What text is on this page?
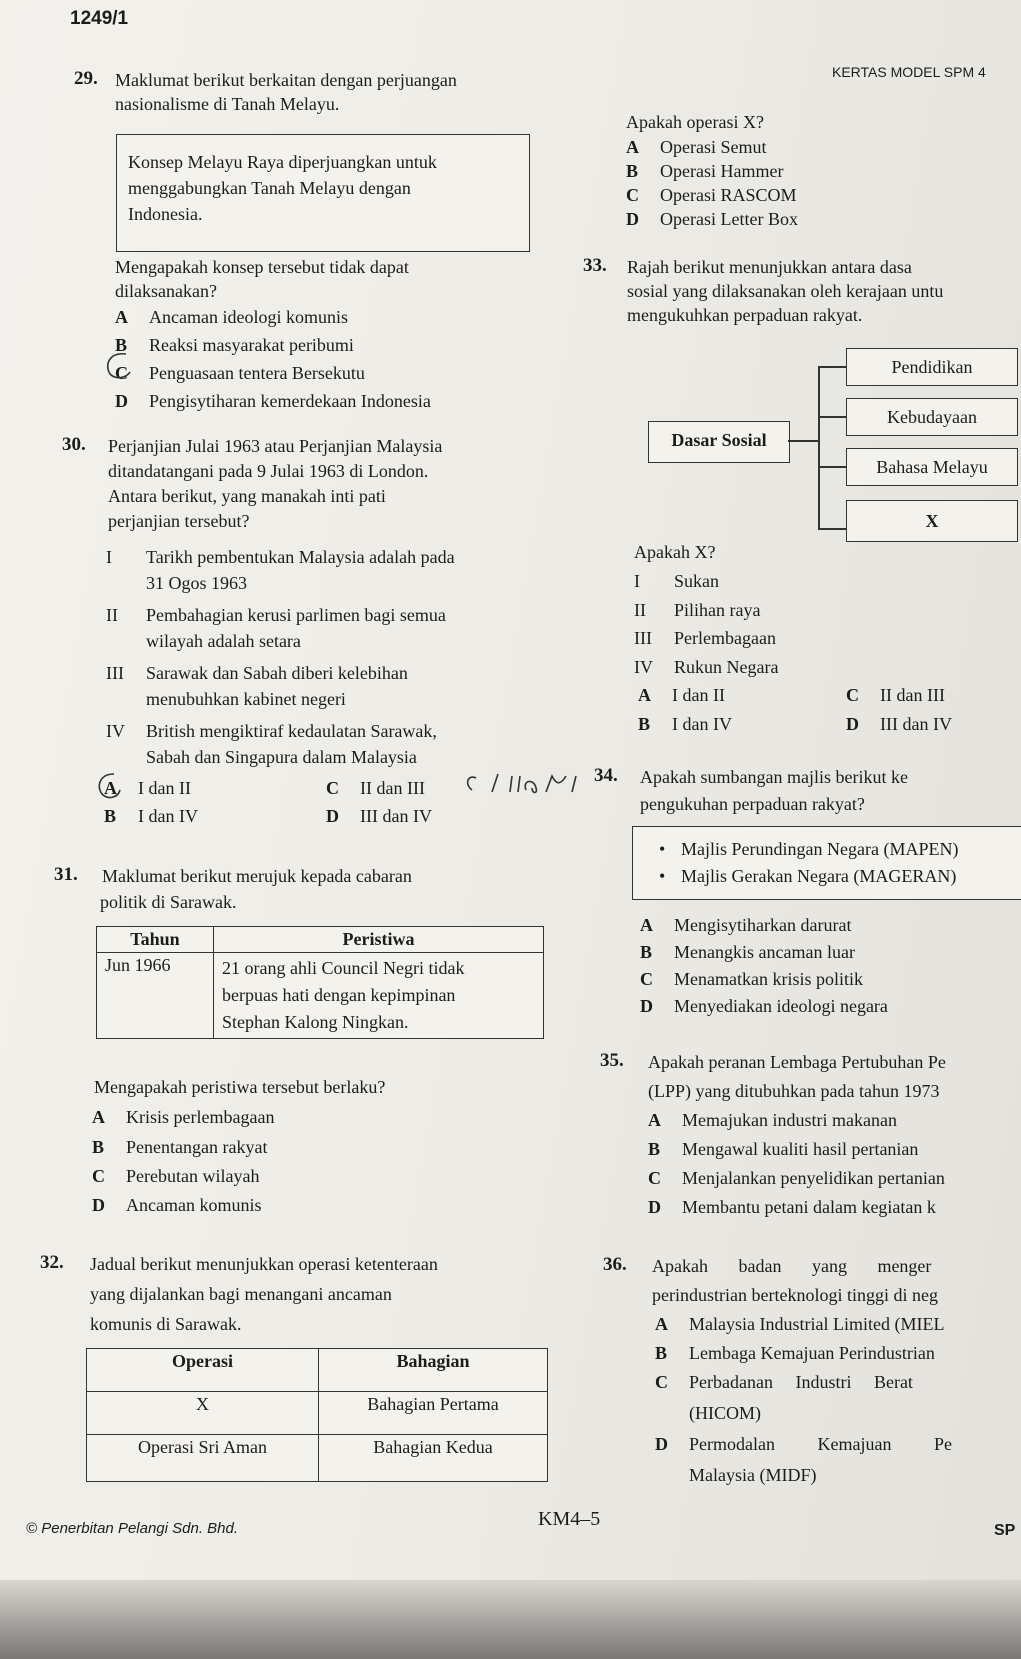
1249/1
KERTAS MODEL SPM 4
29. Maklumat berikut berkaitan dengan perjuangan
nasionalisme di Tanah Melayu.
Konsep Melayu Raya diperjuangkan untuk
menggabungkan Tanah Melayu dengan
Indonesia.
Mengapakah konsep tersebut tidak dapat
dilaksanakan?
A Ancaman ideologi komunis
B Reaksi masyarakat peribumi
C Penguasaan tentera Bersekutu
D Pengisytiharan kemerdekaan Indonesia
30. Perjanjian Julai 1963 atau Perjanjian Malaysia
ditandatangani pada 9 Julai 1963 di London.
Antara berikut, yang manakah inti pati
perjanjian tersebut?
I Tarikh pembentukan Malaysia adalah pada
31 Ogos 1963
II Pembahagian kerusi parlimen bagi semua
wilayah adalah setara
III Sarawak dan Sabah diberi kelebihan
menubuhkan kabinet negeri
IV British mengiktiraf kedaulatan Sarawak,
Sabah dan Singapura dalam Malaysia
A I dan II
B I dan IV
C II dan III
D III dan IV
31. Maklumat berikut merujuk kepada cabaran
politik di Sarawak.
Tahun	Peristiwa
Jun 1966	21 orang ahli Council Negri tidak
berpuas hati dengan kepimpinan
Stephan Kalong Ningkan.
Mengapakah peristiwa tersebut berlaku?
A Krisis perlembagaan
B Penentangan rakyat
C Perebutan wilayah
D Ancaman komunis
32. Jadual berikut menunjukkan operasi ketenteraan
yang dijalankan bagi menangani ancaman
komunis di Sarawak.
Operasi	Bahagian
X	Bahagian Pertama
Operasi Sri Aman	Bahagian Kedua
Apakah operasi X?
A Operasi Semut
B Operasi Hammer
C Operasi RASCOM
D Operasi Letter Box
33. Rajah berikut menunjukkan antara dasa
sosial yang dilaksanakan oleh kerajaan untu
mengukuhkan perpaduan rakyat.
Dasar Sosial
Pendidikan
Kebudayaan
Bahasa Melayu
X
Apakah X?
I Sukan
II Pilihan raya
III Perlembagaan
IV Rukun Negara
A I dan II
B I dan IV
C II dan III
D III dan IV
34. Apakah sumbangan majlis berikut ke
pengukuhan perpaduan rakyat?
• Majlis Perundingan Negara (MAPEN)
• Majlis Gerakan Negara (MAGERAN)
A Mengisytiharkan darurat
B Menangkis ancaman luar
C Menamatkan krisis politik
D Menyediakan ideologi negara
35. Apakah peranan Lembaga Pertubuhan Pe
(LPP) yang ditubuhkan pada tahun 1973
A Memajukan industri makanan
B Mengawal kualiti hasil pertanian
C Menjalankan penyelidikan pertanian
D Membantu petani dalam kegiatan k
36. Apakah badan yang menger
perindustrian berteknologi tinggi di neg
A Malaysia Industrial Limited (MIEL
B Lembaga Kemajuan Perindustrian
C Perbadanan Industri Berat
(HICOM)
D Permodalan Kemajuan Pe
Malaysia (MIDF)
© Penerbitan Pelangi Sdn. Bhd.	KM4–5
SP
